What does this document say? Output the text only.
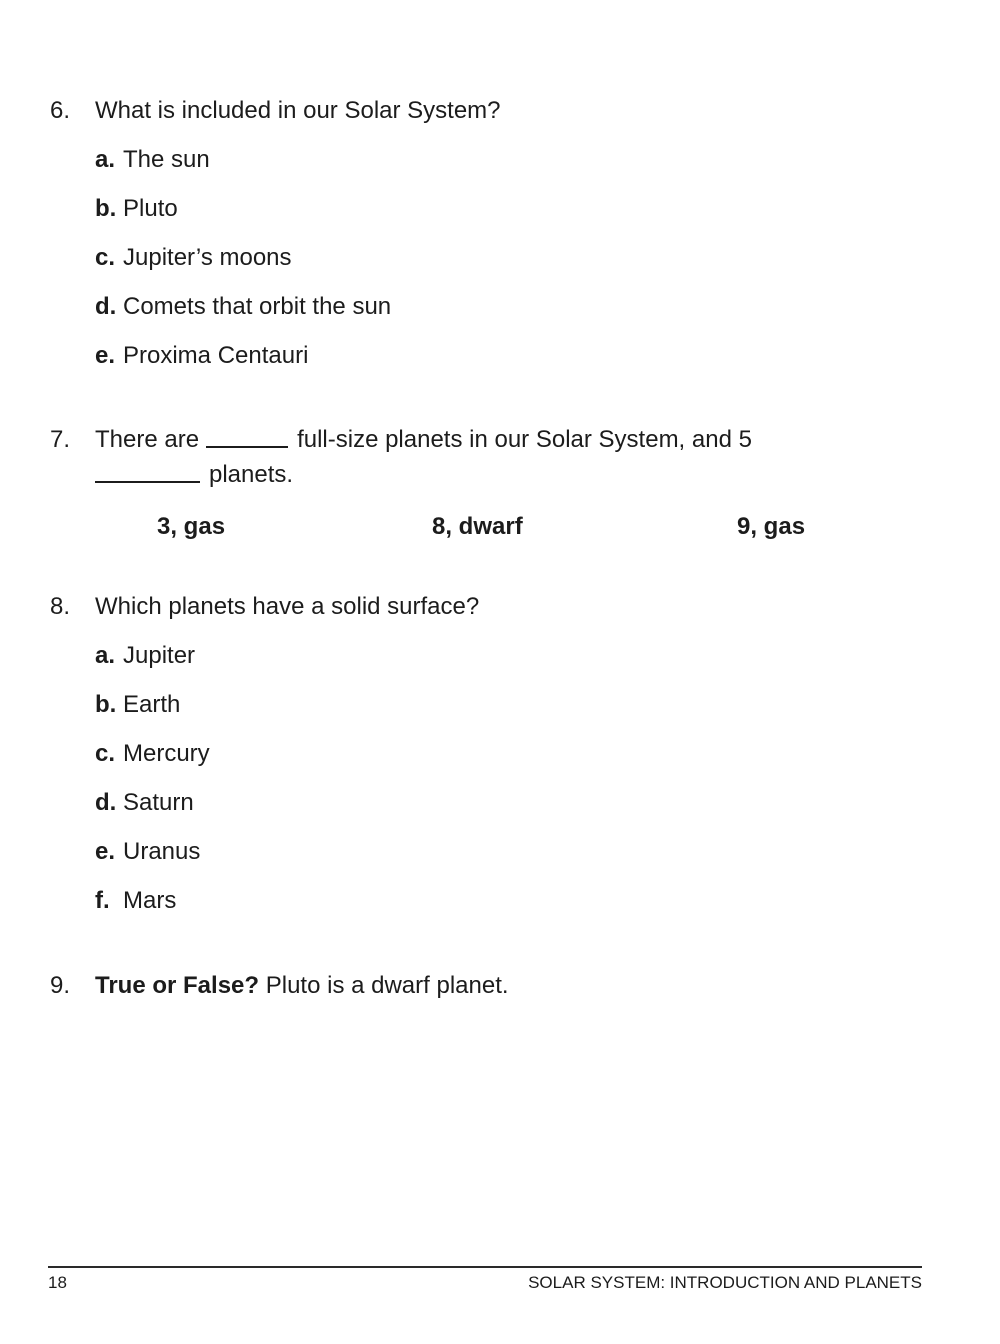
6.	What is included in our Solar System?
a. The sun
b. Pluto
c. Jupiter’s moons
d. Comets that orbit the sun
e. Proxima Centauri
7.	There are	full-size planets in our Solar System, and 5
planets.
3, gas	8, dwarf	9, gas
8.	Which planets have a solid surface?
a. Jupiter
b. Earth
c. Mercury
d. Saturn
e. Uranus
f. Mars
9.	True or False? Pluto is a dwarf planet.
18	SOLAR SYSTEM: INTRODUCTION AND PLANETS
